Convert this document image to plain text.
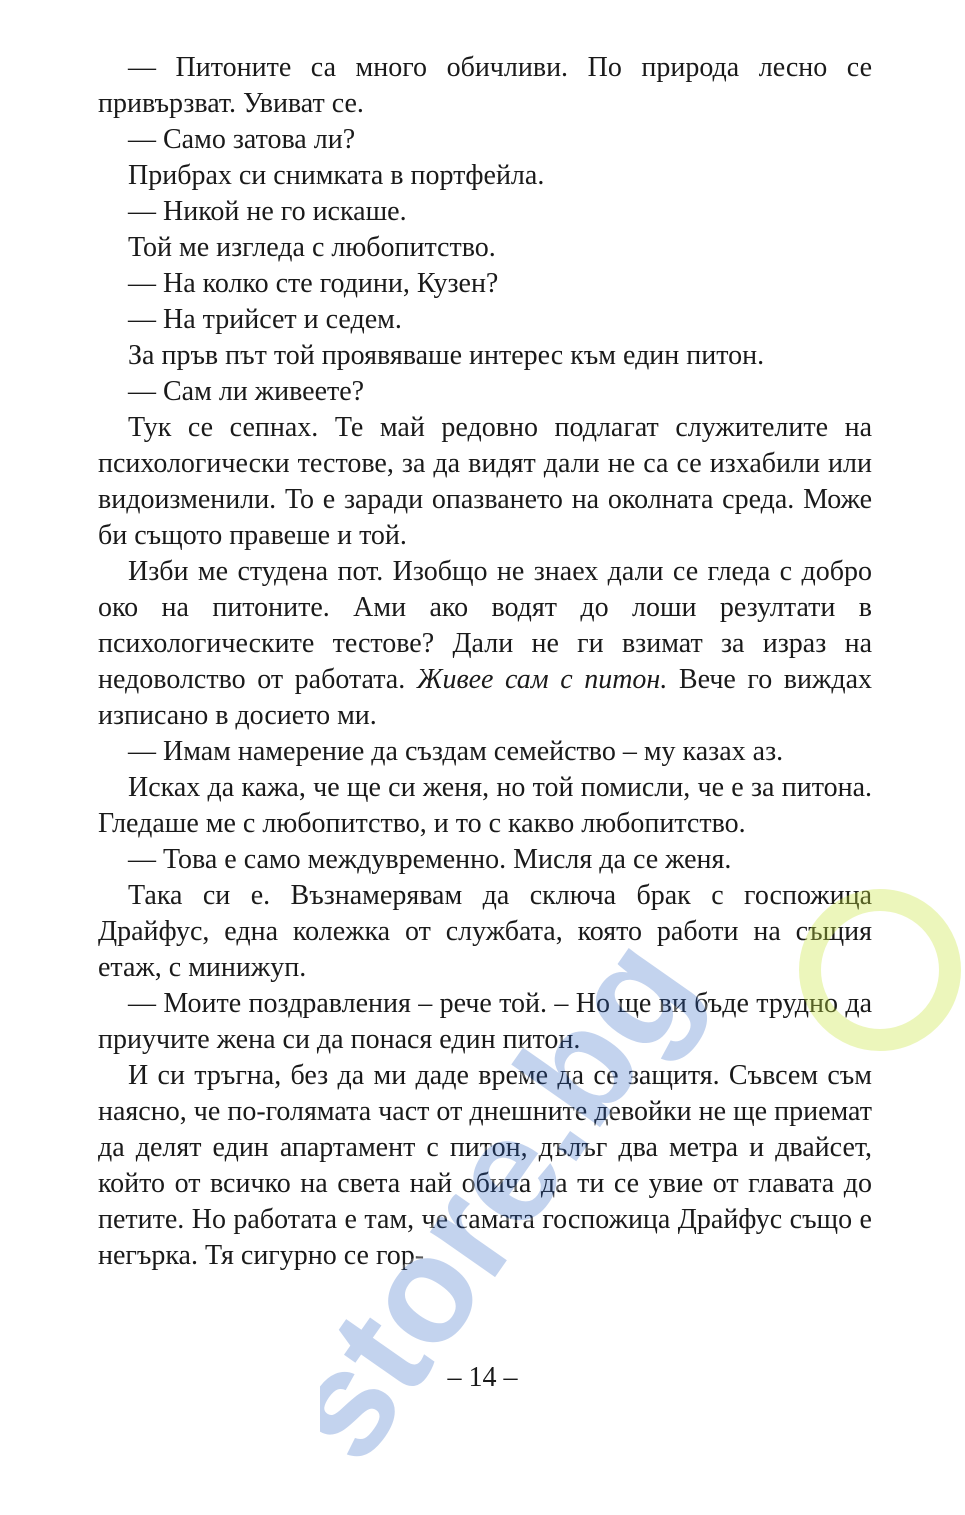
— Питоните са много обичливи. По природа лесно се привързват. Увиват се.

— Само затова ли?

Прибрах си снимката в портфейла.

— Никой не го искаше.

Той ме изгледа с любопитство.

— На колко сте години, Кузен?

— На трийсет и седем.

За пръв път той проявяваше интерес към един питон.

— Сам ли живеете?

Тук се сепнах. Те май редовно подлагат служителите на психологически тестове, за да видят дали не са се изхабили или видоизменили. То е заради опазването на околната среда. Може би същото правеше и той.

Изби ме студена пот. Изобщо не знаех дали се гледа с добро око на питоните. Ами ако водят до лоши резултати в психологическите тестове? Дали не ги взимат за израз на недоволство от работата. Живее сам с питон. Вече го виждах изписано в досието ми.

— Имам намерение да създам семейство – му казах аз.

Исках да кажа, че ще си женя, но той помисли, че е за питона. Гледаше ме с любопитство, и то с какво любопитство.

— Това е само междувременно. Мисля да се женя.

Така си е. Възнамерявам да сключа брак с госпожица Драйфус, една колежка от службата, която работи на същия етаж, с минижуп.

— Моите поздравления – рече той. – Но ще ви бъде трудно да приучите жена си да понася един питон.

И си тръгна, без да ми даде време да се защитя. Съвсем съм наясно, че по-голямата част от днешните девойки не ще приемат да делят един апартамент с питон, дълъг два метра и двайсет, който от всичко на света най обича да ти се увие от главата до петите. Но работата е там, че самата госпожица Драйфус също е негърка. Тя сигурно се гор-

– 14 –
store.bg
